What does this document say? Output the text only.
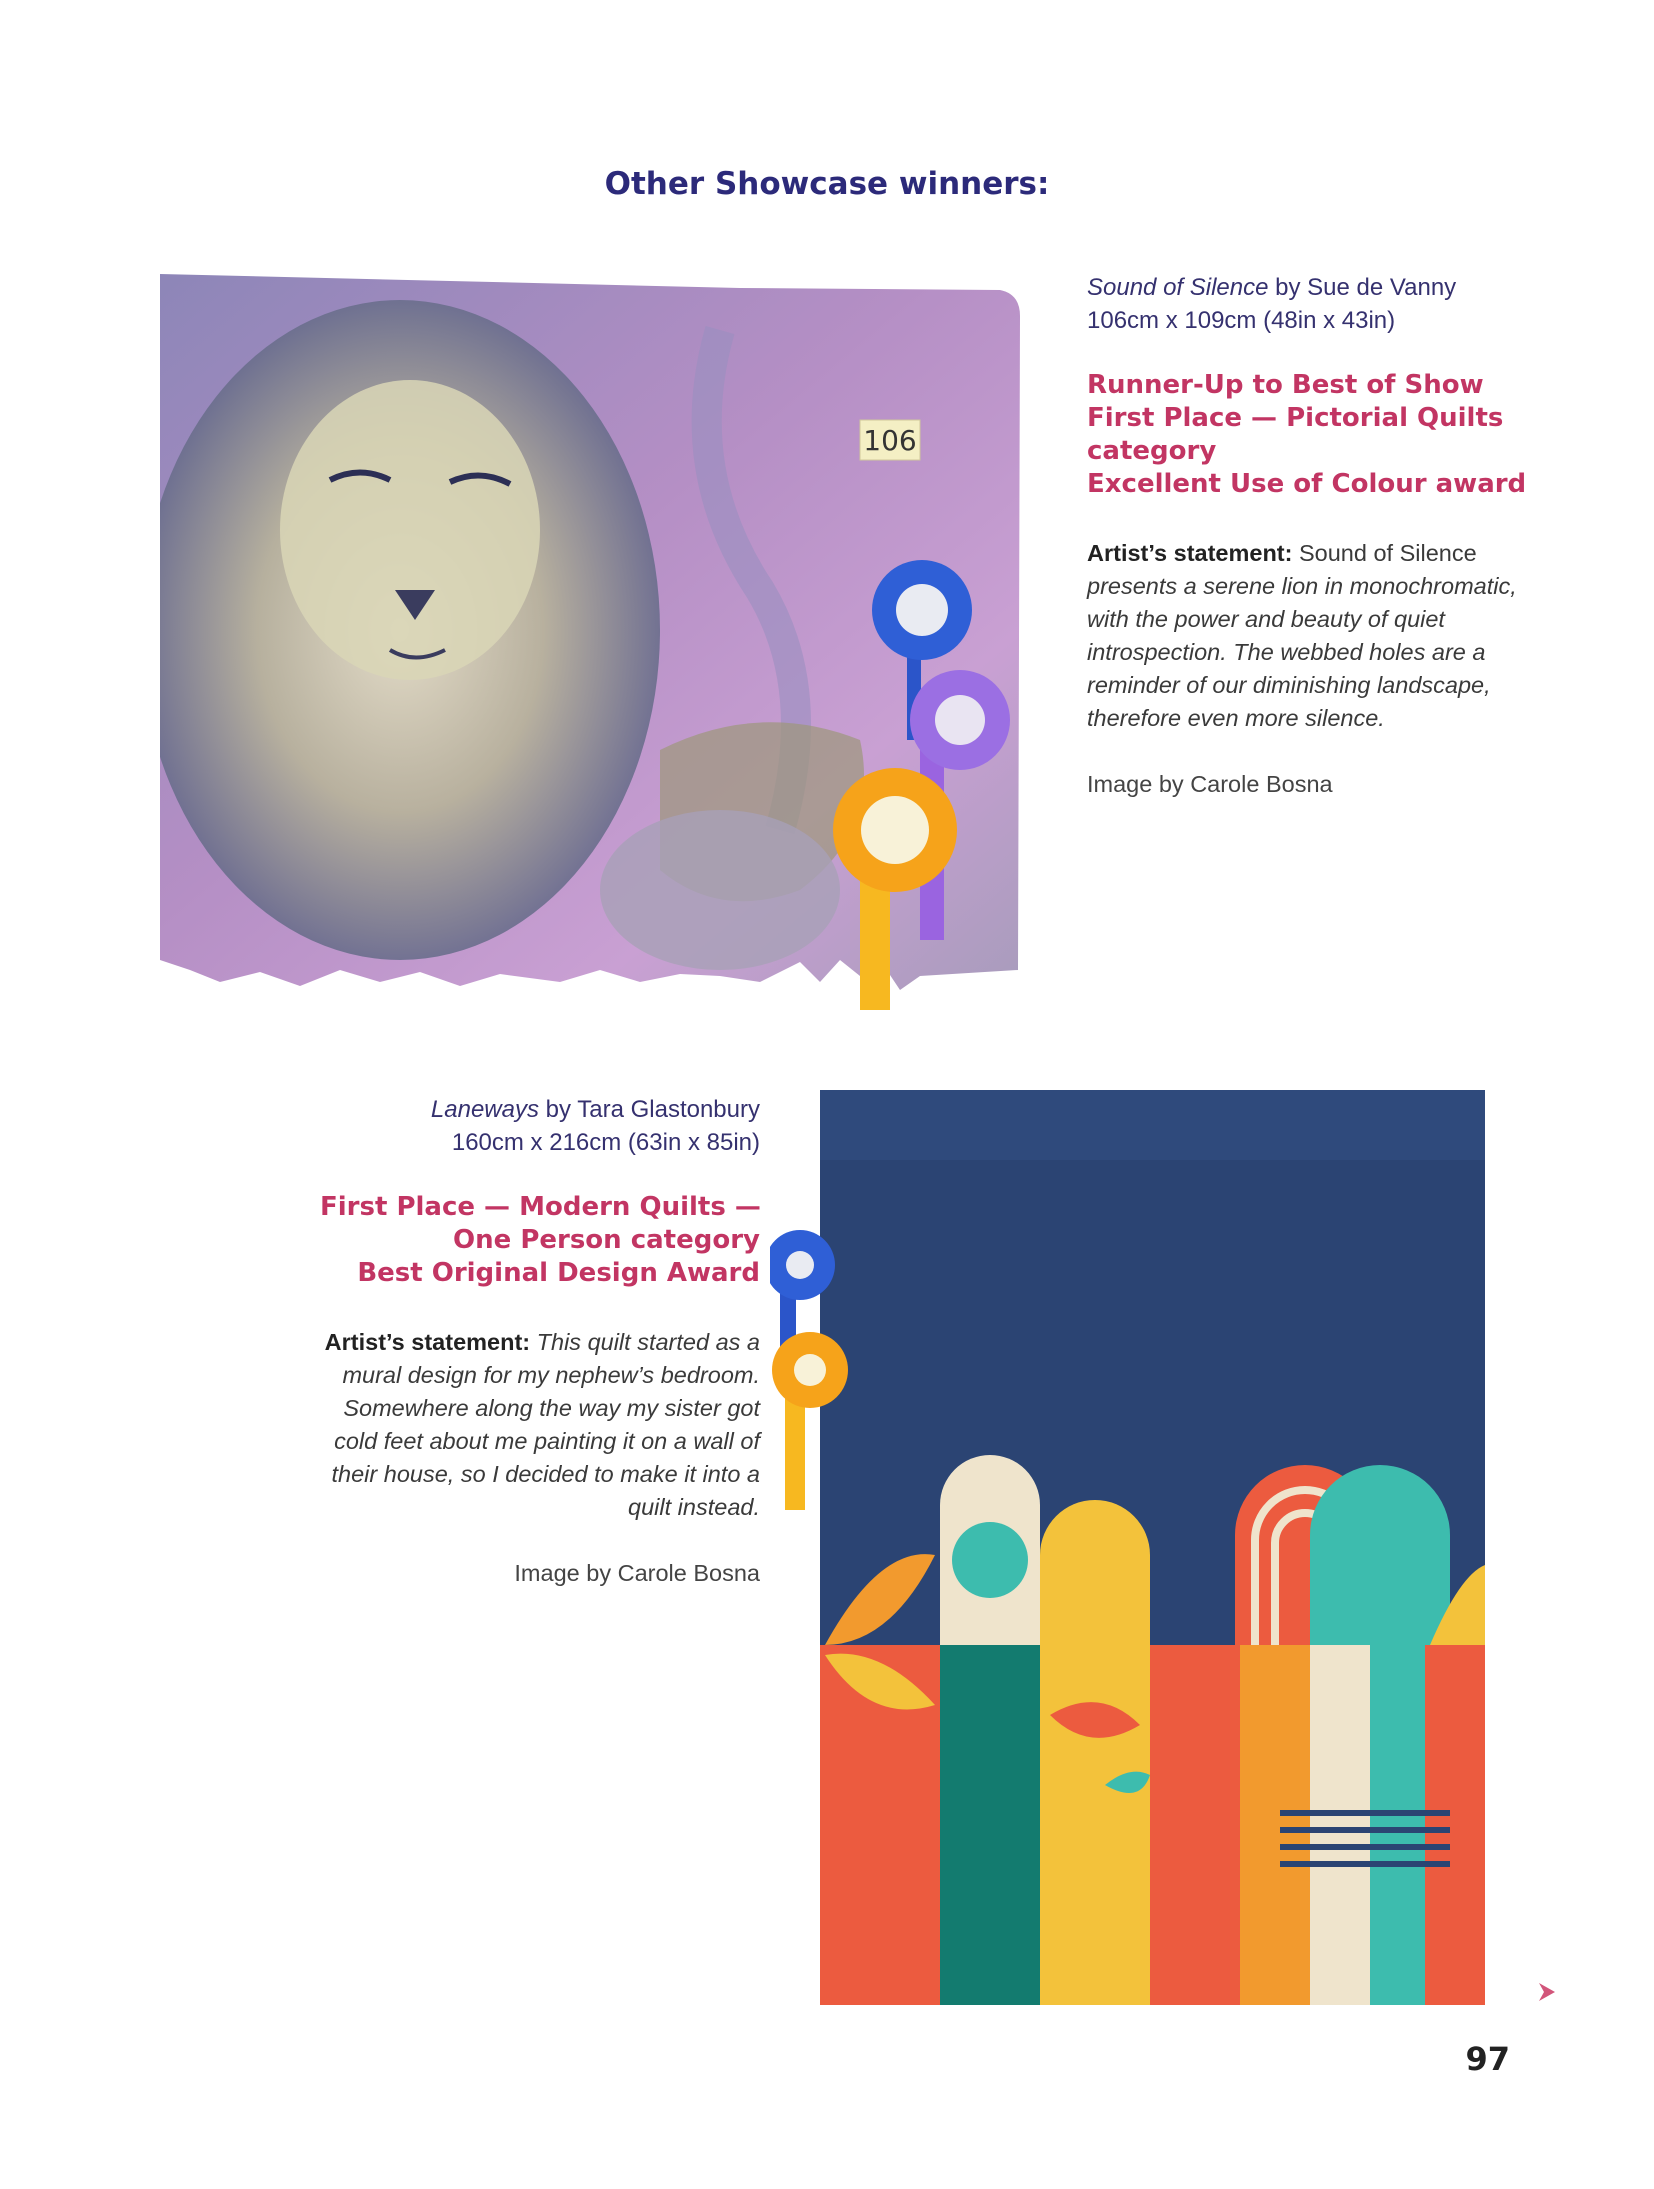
Other Showcase winners:
106
Sound of Silence by Sue de Vanny
106cm x 109cm (48in x 43in)
Runner-Up to Best of Show
First Place — Pictorial Quilts
category
Excellent Use of Colour award
Artist’s statement: Sound of Silence presents a serene lion in monochromatic, with the power and beauty of quiet introspection. The webbed holes are a reminder of our diminishing landscape, therefore even more silence.
Image by Carole Bosna
Laneways by Tara Glastonbury
160cm x 216cm (63in x 85in)
First Place — Modern Quilts —
One Person category
Best Original Design Award
Artist’s statement: This quilt started as a mural design for my nephew’s bedroom. Somewhere along the way my sister got cold feet about me painting it on a wall of their house, so I decided to make it into a quilt instead.
Image by Carole Bosna
97
